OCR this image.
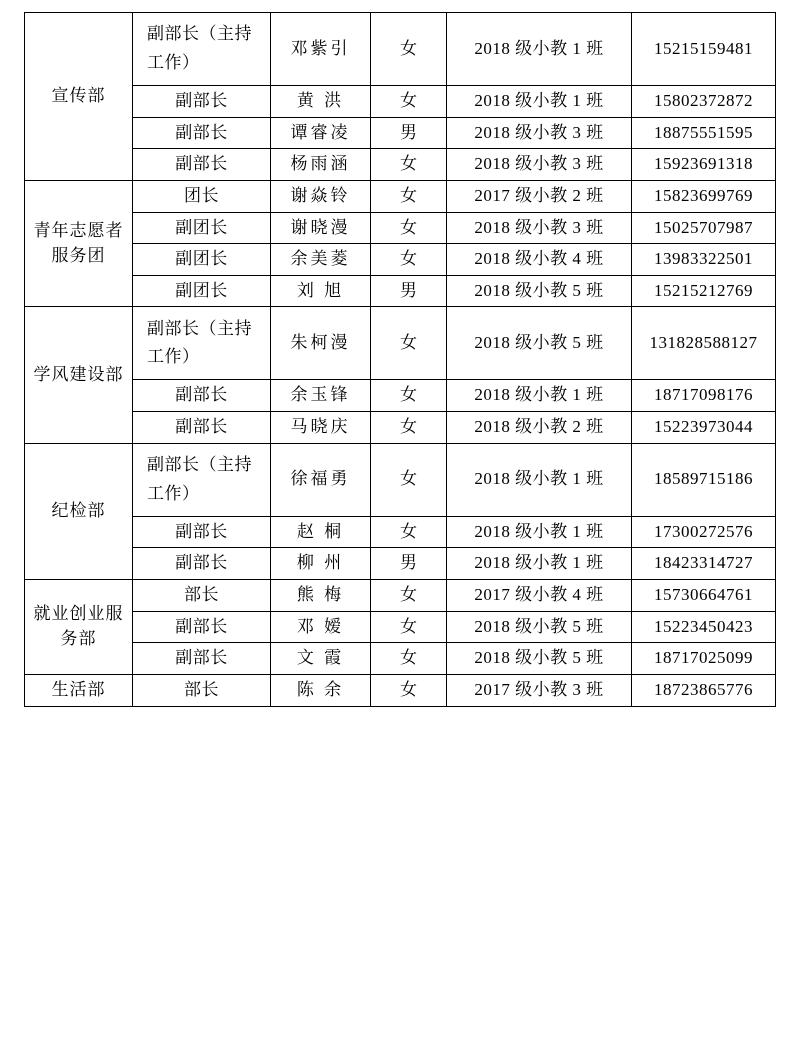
宣传部	副部长（主持工作）	邓紫引	女	2018 级小教 1 班	15215159481
	副部长	黄 洪	女	2018 级小教 1 班	15802372872
	副部长	谭睿凌	男	2018 级小教 3 班	18875551595
	副部长	杨雨涵	女	2018 级小教 3 班	15923691318
青年志愿者服务团	团长	谢焱铃	女	2017 级小教 2 班	15823699769
	副团长	谢晓漫	女	2018 级小教 3 班	15025707987
	副团长	余美菱	女	2018 级小教 4 班	13983322501
	副团长	刘 旭	男	2018 级小教 5 班	15215212769
学风建设部	副部长（主持工作）	朱柯漫	女	2018 级小教 5 班	131828588127
	副部长	余玉锋	女	2018 级小教 1 班	18717098176
	副部长	马晓庆	女	2018 级小教 2 班	15223973044
纪检部	副部长（主持工作）	徐福勇	女	2018 级小教 1 班	18589715186
	副部长	赵 桐	女	2018 级小教 1 班	17300272576
	副部长	柳 州	男	2018 级小教 1 班	18423314727
就业创业服务部	部长	熊 梅	女	2017 级小教 4 班	15730664761
	副部长	邓 嫒	女	2018 级小教 5 班	15223450423
	副部长	文 霞	女	2018 级小教 5 班	18717025099
生活部	部长	陈 余	女	2017 级小教 3 班	18723865776
